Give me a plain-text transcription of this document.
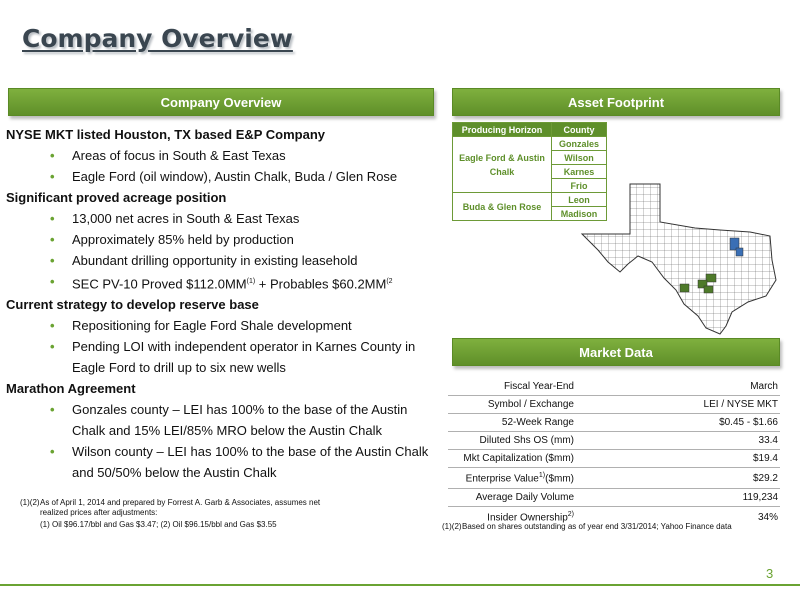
Company Overview
Company Overview	Asset Footprint
Market Data
NYSE MKT listed Houston, TX based E&P Company
• Areas of focus in South & East Texas
• Eagle Ford (oil window), Austin Chalk, Buda / Glen Rose
Significant proved acreage position
• 13,000 net acres in South & East Texas
• Approximately 85% held by production
• Abundant drilling opportunity in existing leasehold
• SEC PV-10 Proved $\$112.0MM^{(1)}$ + Probables $60.2MM$^{(2}$
Current strategy to develop reserve base
• Repositioning for Eagle Ford Shale development
• Pending LOI with independent operator in Karnes County in Eagle Ford to drill up to six new wells
Marathon Agreement
• Gonzales county – LEI has 100% to the base of the Austin Chalk and 15% LEI/85% MRO below the Austin Chalk
• Wilson county – LEI has 100% to the base of the Austin Chalk and 50/50% below the Austin Chalk
(1)(2) As of April 1, 2014 and prepared by Forrest A. Garb & Associates, assumes net
realized prices after adjustments:
(1) Oil $96.17/bbl and Gas $3.47; (2) Oil $96.15/bbl and Gas $3.55
Producing Horizon	County
Eagle Ford & Austin Chalk	Gonzales
	Wilson
	Karnes
	Frio
Buda & Glen Rose	Leon
	Madison
Fiscal Year-End	March
Symbol / Exchange	LEI / NYSE MKT
52-Week Range	$0.45 - $1.66
Diluted Shs OS (mm)	33.4
Mkt Capitalization ($mm)	$19.4
Enterprise Value$^{1)}$($mm)	$29.2
Average Daily Volume	119,234
Insider Ownership$^{2)}$	34%
(1)(2) Based on shares outstanding as of year end 3/31/2014; Yahoo Finance data
3
